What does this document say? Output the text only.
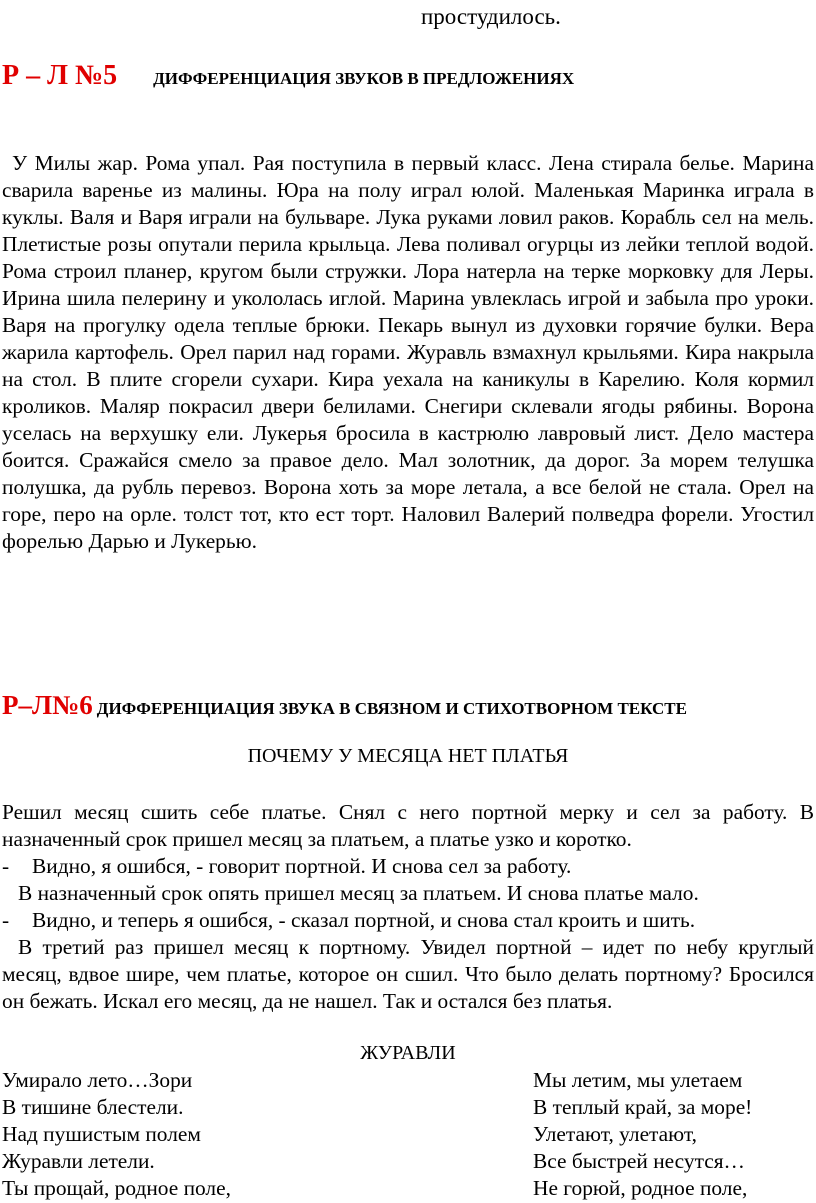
простудилось.
Р – Л №5 ДИФФЕРЕНЦИАЦИЯ ЗВУКОВ В ПРЕДЛОЖЕНИЯХ

У Милы жар. Рома упал. Рая поступила в первый класс. Лена стирала белье. Марина сварила варенье из малины. Юра на полу играл юлой. Маленькая Маринка играла в куклы. Валя и Варя играли на бульваре. Лука руками ловил раков. Корабль сел на мель. Плетистые розы опутали перила крыльца. Лева поливал огурцы из лейки теплой водой. Рома строил планер, кругом были стружки. Лора натерла на терке морковку для Леры. Ирина шила пелерину и укололась иглой. Марина увлеклась игрой и забыла про уроки. Варя на прогулку одела теплые брюки. Пекарь вынул из духовки горячие булки. Вера жарила картофель. Орел парил над горами. Журавль взмахнул крыльями. Кира накрыла на стол. В плите сгорели сухари. Кира уехала на каникулы в Карелию. Коля кормил кроликов. Маляр покрасил двери белилами. Снегири склевали ягоды рябины. Ворона уселась на верхушку ели. Лукерья бросила в кастрюлю лавровый лист. Дело мастера боится. Сражайся смело за правое дело. Мал золотник, да дорог. За морем телушка полушка, да рубль перевоз. Ворона хоть за море летала, а все белой не стала. Орел на горе, перо на орле. толст тот, кто ест торт. Наловил Валерий полведра форели. Угостил форелью Дарью и Лукерью.

Р–Л№6 ДИФФЕРЕНЦИАЦИЯ ЗВУКА В СВЯЗНОМ И СТИХОТВОРНОМ ТЕКСТЕ
ПОЧЕМУ У МЕСЯЦА НЕТ ПЛАТЬЯ

Решил месяц сшить себе платье. Снял с него портной мерку и сел за работу. В назначенный срок пришел месяц за платьем, а платье узко и коротко.

-	Видно, я ошибся, - говорит портной. И снова сел за работу.

В назначенный срок опять пришел месяц за платьем. И снова платье мало.

-	Видно, и теперь я ошибся, - сказал портной, и снова стал кроить и шить.

В третий раз пришел месяц к портному. Увидел портной – идет по небу круглый месяц, вдвое шире, чем платье, которое он сшил. Что было делать портному? Бросился он бежать. Искал его месяц, да не нашел. Так и остался без платья.

ЖУРАВЛИ
Умирало лето…Зори
В тишине блестели.
Над пушистым полем
Журавли летели.
Ты прощай, родное поле,
Мы летим, мы улетаем
В теплый край, за море!
Улетают, улетают,
Все быстрей несутся…
Не горюй, родное поле,
